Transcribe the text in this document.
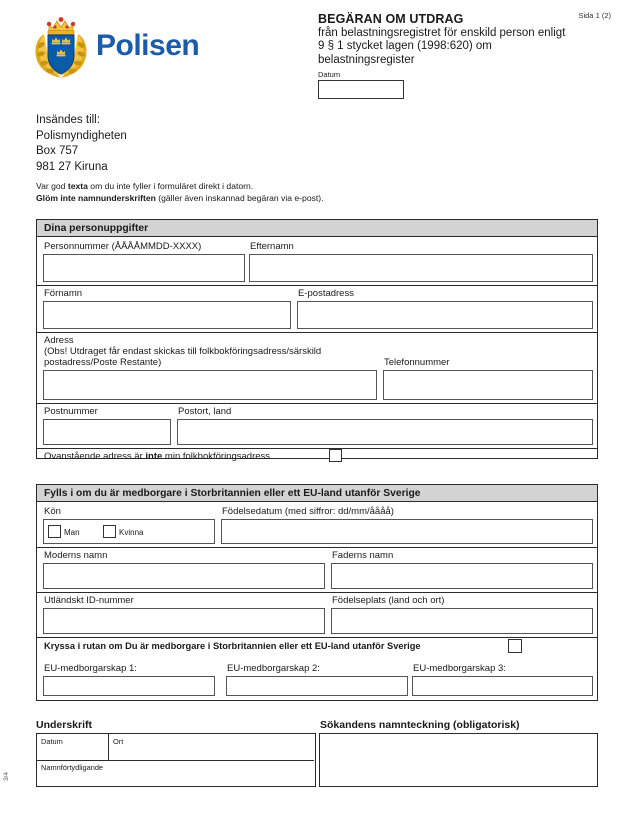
Polisen
BEGÄRAN OM UTDRAG
från belastningsregistret för enskild person enligt 9 § 1 stycket lagen (1998:620) om belastningsregister
Datum
Sida 1 (2)
Insändes till:
Polismyndigheten
Box 757
981 27 Kiruna
Var god texta om du inte fyller i formuläret direkt i datorn.
Glöm inte namnunderskriften (gäller även inskannad begäran via e-post).
Dina personuppgifter
Personnummer (ÅÅÅÅMMDD-XXXX)	Efternamn
Förnamn	E-postadress
Adress
(Obs! Utdraget får endast skickas till folkbokföringsadress/särskild
postadress/Poste Restante)	Telefonnummer
Postnummer	Postort, land
Ovanstående adress är inte min folkbokföringsadress
Fylls i om du är medborgare i Storbritannien eller ett EU-land utanför Sverige
Kön
Man	Kvinna
Födelsedatum (med siffror: dd/mm/åååå)
Moderns namn	Faderns namn
Utländskt ID-nummer	Födelseplats (land och ort)
Kryssa i rutan om Du är medborgare i Storbritannien eller ett EU-land utanför Sverige
EU-medborgarskap 1:	EU-medborgarskap 2:	EU-medborgarskap 3:
Underskrift	Sökandens namnteckning (obligatorisk)
Datum	Ort
Namnförtydligande
3/4
